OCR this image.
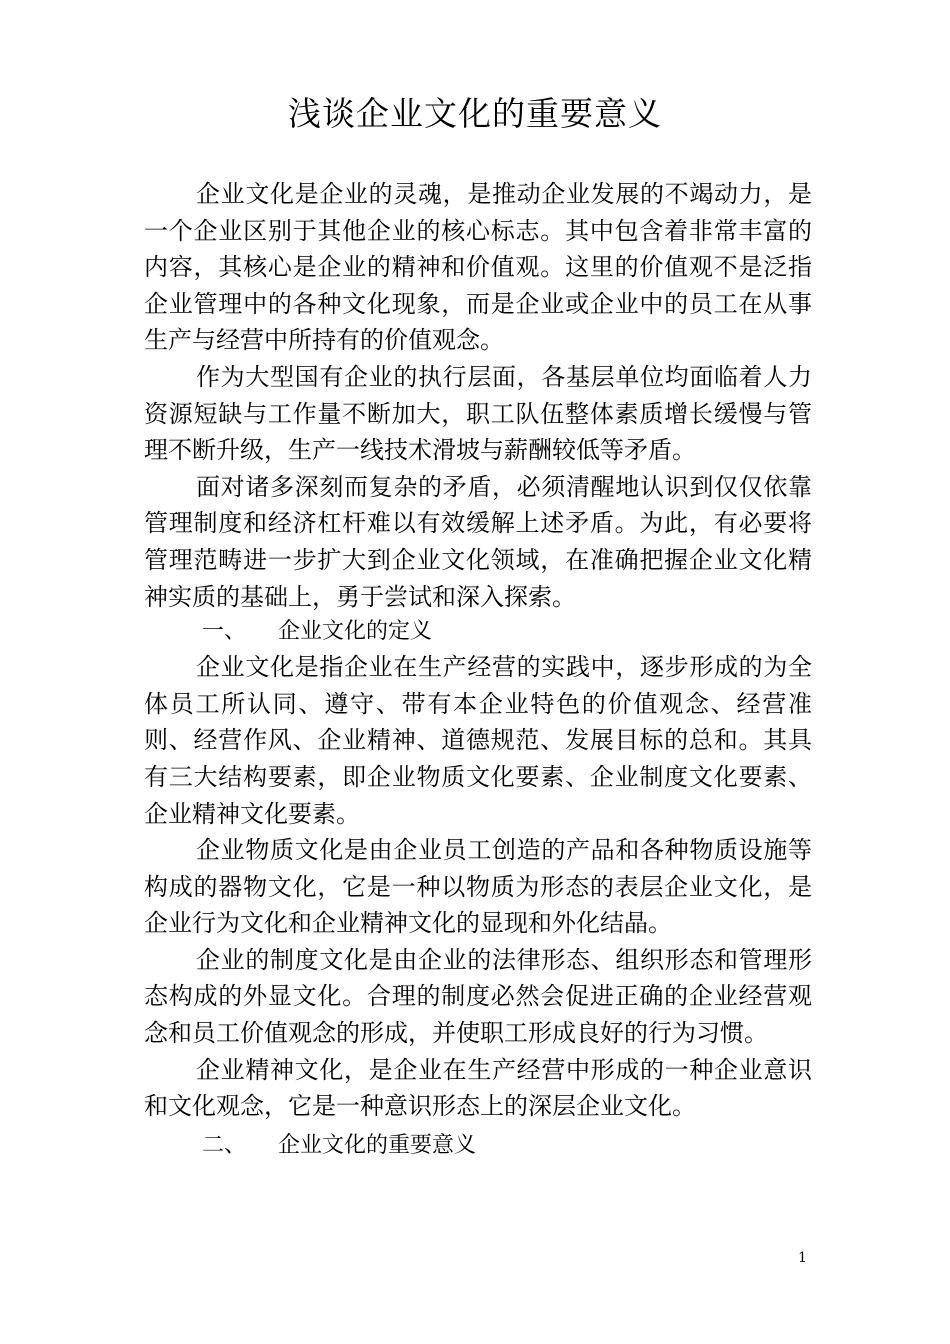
浅谈企业文化的重要意义

企业文化是企业的灵魂，是推动企业发展的不竭动力，是一个企业区别于其他企业的核心标志。其中包含着非常丰富的内容，其核心是企业的精神和价值观。这里的价值观不是泛指企业管理中的各种文化现象，而是企业或企业中的员工在从事生产与经营中所持有的价值观念。

作为大型国有企业的执行层面，各基层单位均面临着人力资源短缺与工作量不断加大，职工队伍整体素质增长缓慢与管理不断升级，生产一线技术滑坡与薪酬较低等矛盾。

面对诸多深刻而复杂的矛盾，必须清醒地认识到仅仅依靠管理制度和经济杠杆难以有效缓解上述矛盾。为此，有必要将管理范畴进一步扩大到企业文化领域，在准确把握企业文化精神实质的基础上，勇于尝试和深入探索。

一、 企业文化的定义

企业文化是指企业在生产经营的实践中，逐步形成的为全体员工所认同、遵守、带有本企业特色的价值观念、经营准则、经营作风、企业精神、道德规范、发展目标的总和。其具有三大结构要素，即企业物质文化要素、企业制度文化要素、企业精神文化要素。

企业物质文化是由企业员工创造的产品和各种物质设施等构成的器物文化，它是一种以物质为形态的表层企业文化，是企业行为文化和企业精神文化的显现和外化结晶。

企业的制度文化是由企业的法律形态、组织形态和管理形态构成的外显文化。合理的制度必然会促进正确的企业经营观念和员工价值观念的形成，并使职工形成良好的行为习惯。

企业精神文化，是企业在生产经营中形成的一种企业意识和文化观念，它是一种意识形态上的深层企业文化。

二、 企业文化的重要意义
1
